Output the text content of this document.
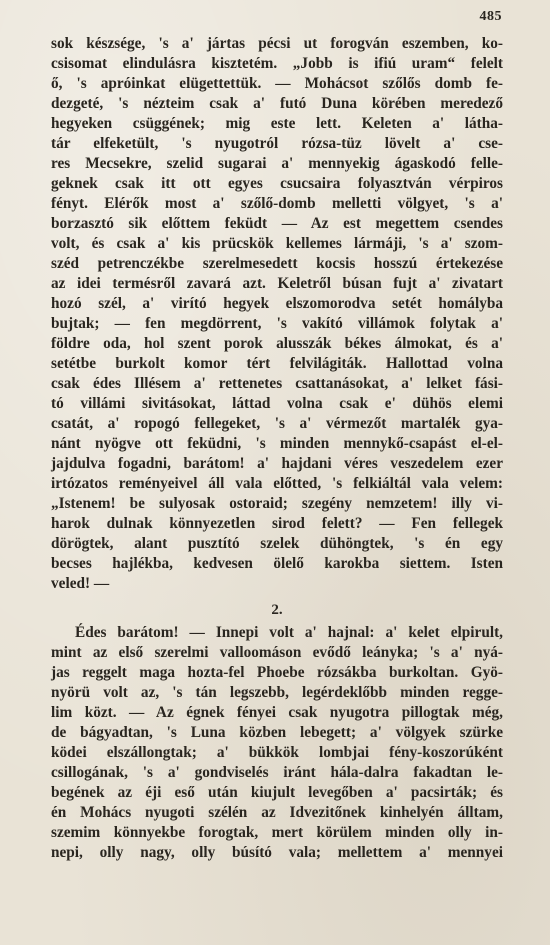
485
sok készsége, 's a' jártas pécsi ut forogván eszemben, ko-
csisomat elindulásra kisztetém. „Jobb is ifiú uram“ felelt
ő, 's apróinkat elügettettük. — Mohácsot szőlős domb fe-
dezgeté, 's nézteim csak a' futó Duna körében meredező
hegyeken csüggének; mig este lett. Keleten a' látha-
tár elfeketült, 's nyugotról rózsa-tüz lövelt a' cse-
res Mecsekre, szelid sugarai a' mennyekig ágaskodó felle-
geknek csak itt ott egyes csucsaira folyasztván vérpiros
fényt. Elérők most a' szőlő-domb melletti völgyet, 's a'
borzasztó sik előttem feküdt — Az est megettem csendes
volt, és csak a' kis prücskök kellemes lármáji, 's a' szom-
széd petrenczékbe szerelmesedett kocsis hosszú értekezése
az idei termésről zavará azt. Keletről búsan fujt a' zivatart
hozó szél, a' virító hegyek elszomorodva setét homályba
bujtak; — fen megdörrent, 's vakító villámok folytak a'
földre oda, hol szent porok alusszák békes álmokat, és a'
setétbe burkolt komor tért felvilágiták. Hallottad volna
csak édes Illésem a' rettenetes csattanásokat, a' lelket fási-
tó villámi sivitásokat, láttad volna csak e' dühös elemi
csatát, a' ropogó fellegeket, 's a' vérmezőt martalék gya-
nánt nyögve ott feküdni, 's minden mennykő-csapást el-el-
jajdulva fogadni, barátom! a' hajdani véres veszedelem ezer
irtózatos reményeivel áll vala előtted, 's felkiáltál vala velem:
„Istenem! be sulyosak ostoraid; szegény nemzetem! illy vi-
harok dulnak könnyezetlen sirod felett? — Fen fellegek
dörögtek, alant pusztító szelek dühöngtek, 's én egy
becses hajlékba, kedvesen ölelő karokba siettem. Isten
veled! —
2.
Édes barátom! — Innepi volt a' hajnal: a' kelet elpirult,
mint az első szerelmi valloomáson evődő leányka; 's a' nyá-
jas reggelt maga hozta-fel Phoebe rózsákba burkoltan. Gyö-
nyörü volt az, 's tán legszebb, legérdeklőbb minden regge-
lim közt. — Az égnek fényei csak nyugotra pillogtak még,
de bágyadtan, 's Luna közben lebegett; a' völgyek szürke
ködei elszállongtak; a' bükkök lombjai fény-koszorúként
csillogának, 's a' gondviselés iránt hála-dalra fakadtan le-
begének az éji eső után kiujult levegőben a' pacsirták; és
én Mohács nyugoti szélén az Idvezitőnek kinhelyén álltam,
szemim könnyekbe forogtak, mert körülem minden olly in-
nepi, olly nagy, olly búsító vala; mellettem a' mennyei
